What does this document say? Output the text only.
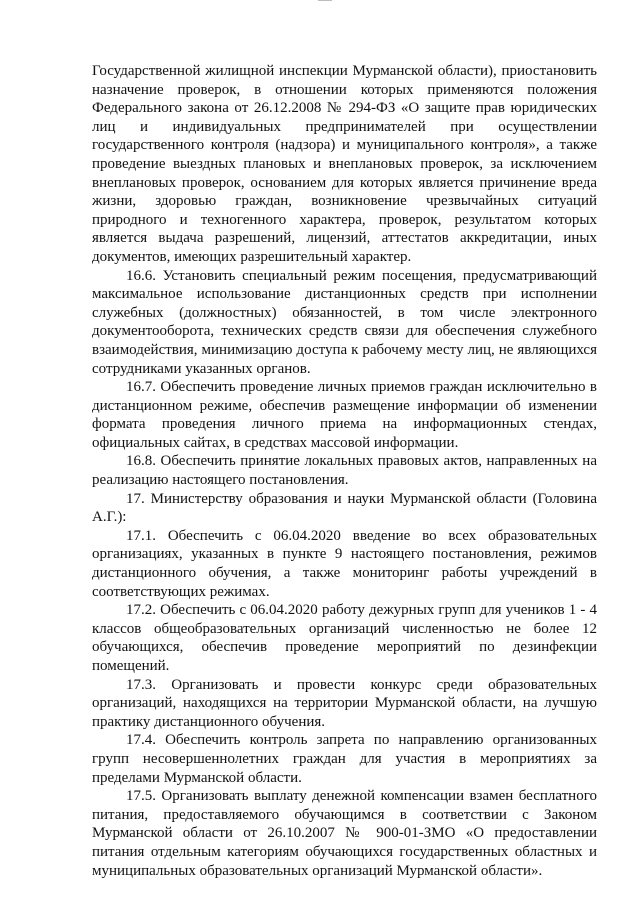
Государственной жилищной инспекции Мурманской области), приостановить назначение проверок, в отношении которых применяются положения Федерального закона от 26.12.2008 № 294-ФЗ «О защите прав юридических лиц и индивидуальных предпринимателей при осуществлении государственного контроля (надзора) и муниципального контроля», а также проведение выездных плановых и внеплановых проверок, за исключением внеплановых проверок, основанием для которых является причинение вреда жизни, здоровью граждан, возникновение чрезвычайных ситуаций природного и техногенного характера, проверок, результатом которых является выдача разрешений, лицензий, аттестатов аккредитации, иных документов, имеющих разрешительный характер.

16.6. Установить специальный режим посещения, предусматривающий максимальное использование дистанционных средств при исполнении служебных (должностных) обязанностей, в том числе электронного документооборота, технических средств связи для обеспечения служебного взаимодействия, минимизацию доступа к рабочему месту лиц, не являющихся сотрудниками указанных органов.

16.7. Обеспечить проведение личных приемов граждан исключительно в дистанционном режиме, обеспечив размещение информации об изменении формата проведения личного приема на информационных стендах, официальных сайтах, в средствах массовой информации.

16.8. Обеспечить принятие локальных правовых актов, направленных на реализацию настоящего постановления.

17. Министерству образования и науки Мурманской области (Головина А.Г.):

17.1. Обеспечить с 06.04.2020 введение во всех образовательных организациях, указанных в пункте 9 настоящего постановления, режимов дистанционного обучения, а также мониторинг работы учреждений в соответствующих режимах.

17.2. Обеспечить с 06.04.2020 работу дежурных групп для учеников 1 - 4 классов общеобразовательных организаций численностью не более 12 обучающихся, обеспечив проведение мероприятий по дезинфекции помещений.

17.3. Организовать и провести конкурс среди образовательных организаций, находящихся на территории Мурманской области, на лучшую практику дистанционного обучения.

17.4. Обеспечить контроль запрета по направлению организованных групп несовершеннолетних граждан для участия в мероприятиях за пределами Мурманской области.

17.5. Организовать выплату денежной компенсации взамен бесплатного питания, предоставляемого обучающимся в соответствии с Законом Мурманской области от 26.10.2007 № 900-01-ЗМО «О предоставлении питания отдельным категориям обучающихся государственных областных и муниципальных образовательных организаций Мурманской области».
